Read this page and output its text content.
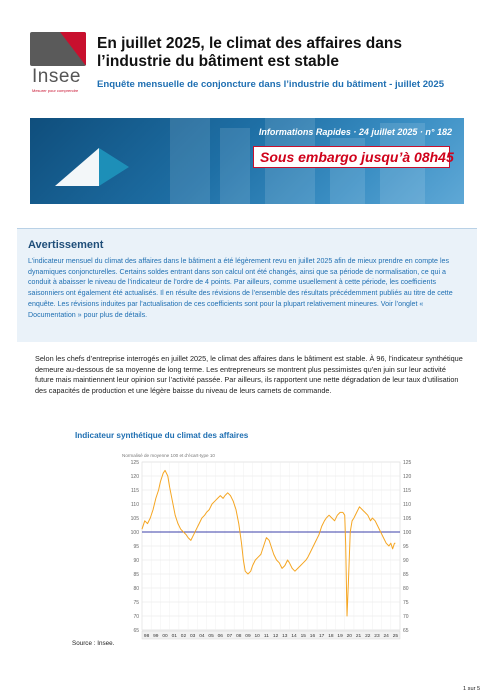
Insee
Mesurer pour comprendre
En juillet 2025, le climat des affaires dans l’industrie du bâtiment est stable
Enquête mensuelle de conjoncture dans l’industrie du bâtiment - juillet 2025
Informations Rapides · 24 juillet 2025 · n° 182
Sous embargo jusqu’à 08h45
Avertissement

L’indicateur mensuel du climat des affaires dans le bâtiment a été légèrement revu en juillet 2025 afin de mieux prendre en compte les dynamiques conjoncturelles. Certains soldes entrant dans son calcul ont été changés, ainsi que sa période de normalisation, ce qui a conduit à abaisser le niveau de l’indicateur de l’ordre de 4 points. Par ailleurs, comme usuellement à cette période, les coefficients saisonniers ont également été actualisés. Il en résulte des révisions de l’ensemble des résultats précédemment publiés au titre de cette enquête. Les révisions induites par l’actualisation de ces coefficients sont pour la plupart relativement mineures. Voir l’onglet « Documentation » pour plus de détails.

Selon les chefs d’entreprise interrogés en juillet 2025, le climat des affaires dans le bâtiment est stable. À 96, l’indicateur synthétique demeure au-dessous de sa moyenne de long terme. Les entrepreneurs se montrent plus pessimistes qu’en juin sur leur activité future mais maintiennent leur opinion sur l’activité passée. Par ailleurs, ils rapportent une nette dégradation de leur taux d’utilisation des capacités de production et une légère baisse du niveau de leurs carnets de commande.
Indicateur synthétique du climat des affaires
65	65
70	70
75	75
80	80
85	85
90	90
95	95
100	100
105	105
110	110
115	115
120	120
125	125
Normalisé de moyenne 100 et d’écart-type 10
98 99 00 01 02 03 04 05 06 07 08 09 10 11 12 13 14 15 16 17 18 19 20 21 22 23 24 25
Source : Insee.
1 sur 5
